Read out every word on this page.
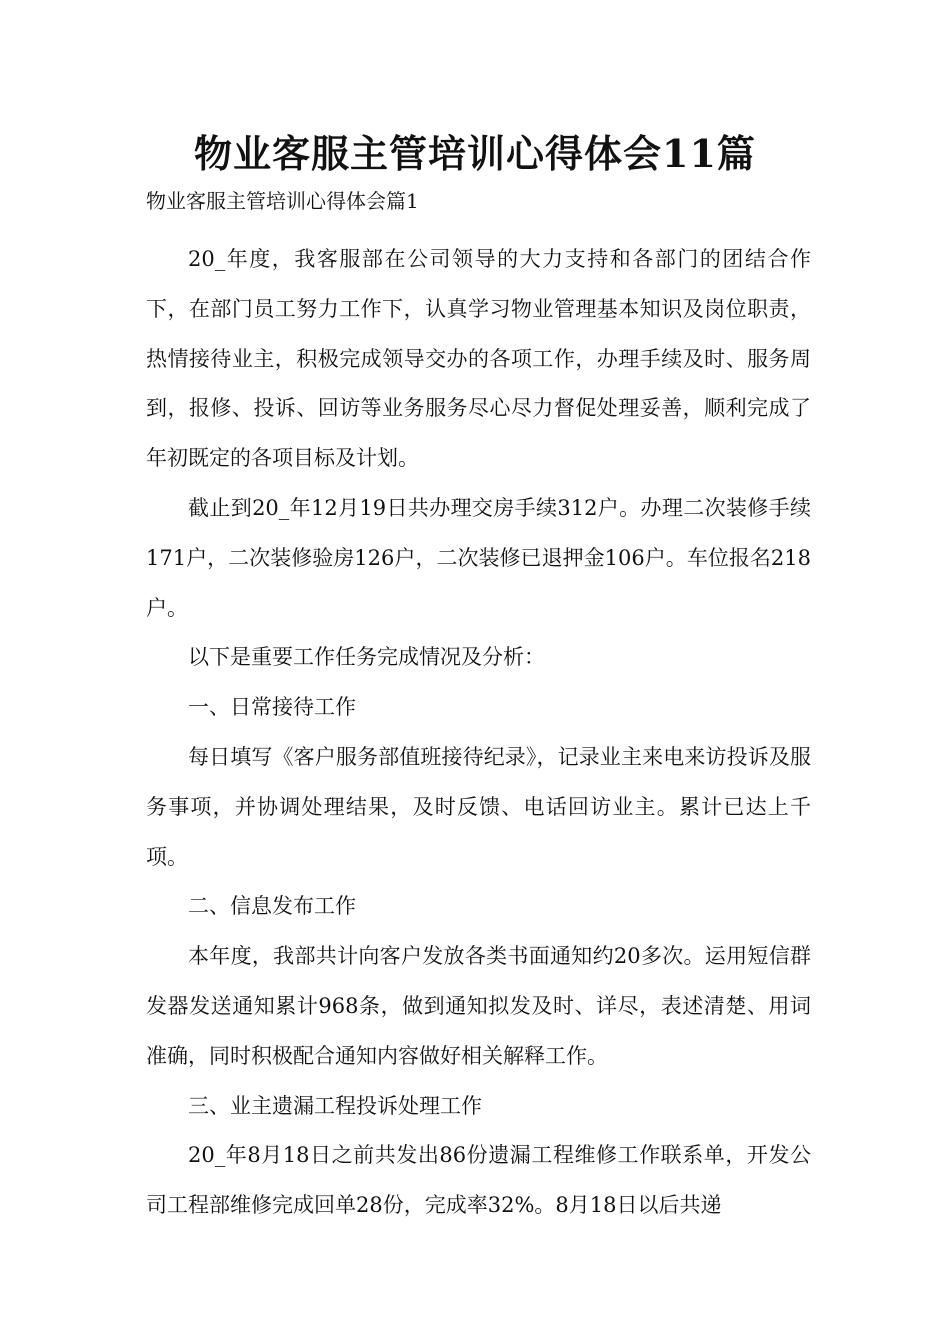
物业客服主管培训心得体会11篇
物业客服主管培训心得体会篇1

20_年度，我客服部在公司领导的大力支持和各部门的团结合作下，在部门员工努力工作下，认真学习物业管理基本知识及岗位职责，热情接待业主，积极完成领导交办的各项工作，办理手续及时、服务周到，报修、投诉、回访等业务服务尽心尽力督促处理妥善，顺利完成了年初既定的各项目标及计划。

截止到20_年12月19日共办理交房手续312户。办理二次装修手续171户，二次装修验房126户，二次装修已退押金106户。车位报名218户。

以下是重要工作任务完成情况及分析：

一、日常接待工作

每日填写《客户服务部值班接待纪录》，记录业主来电来访投诉及服务事项，并协调处理结果，及时反馈、电话回访业主。累计已达上千项。

二、信息发布工作

本年度，我部共计向客户发放各类书面通知约20多次。运用短信群发器发送通知累计968条，做到通知拟发及时、详尽，表述清楚、用词准确，同时积极配合通知内容做好相关解释工作。

三、业主遗漏工程投诉处理工作

20_年8月18日之前共发出86份遗漏工程维修工作联系单，开发公司工程部维修完成回单28份，完成率32%。8月18日以后共递
